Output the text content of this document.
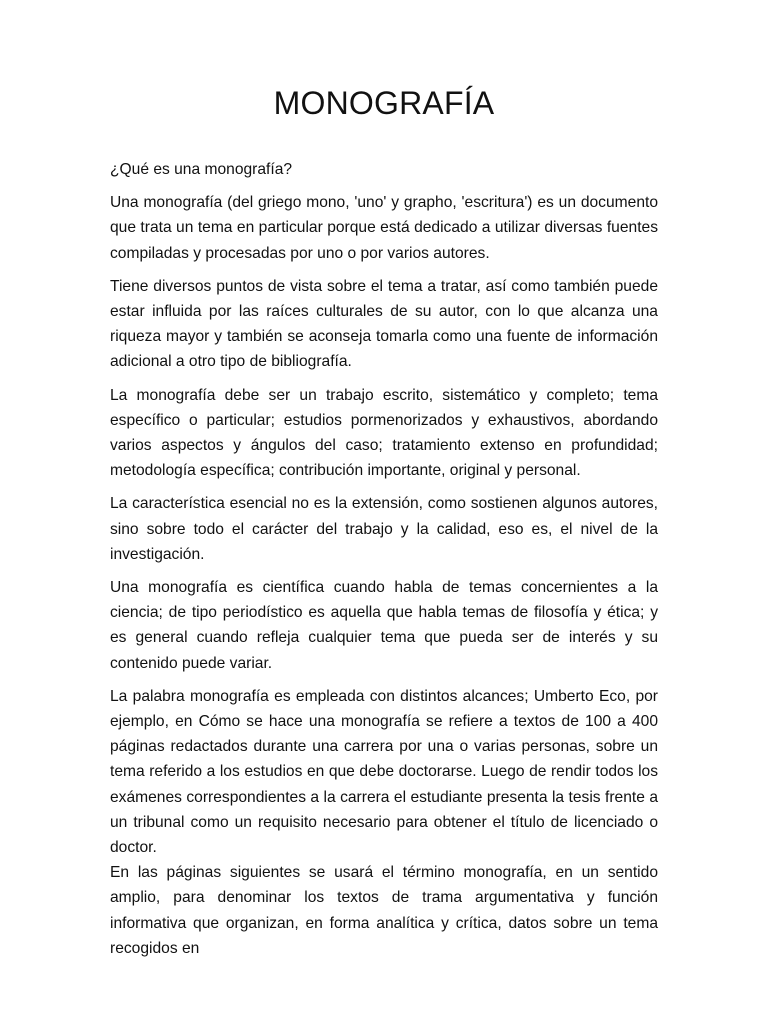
MONOGRAFÍA

¿Qué es una monografía?

Una monografía (del griego mono, 'uno' y grapho, 'escritura') es un documento que trata un tema en particular porque está dedicado a utilizar diversas fuentes compiladas y procesadas por uno o por varios autores.

Tiene diversos puntos de vista sobre el tema a tratar, así como también puede estar influida por las raíces culturales de su autor, con lo que alcanza una riqueza mayor y también se aconseja tomarla como una fuente de información adicional a otro tipo de bibliografía.

La monografía debe ser un trabajo escrito, sistemático y completo; tema específico o particular; estudios pormenorizados y exhaustivos, abordando varios aspectos y ángulos del caso; tratamiento extenso en profundidad; metodología específica; contribución importante, original y personal.

La característica esencial no es la extensión, como sostienen algunos autores, sino sobre todo el carácter del trabajo y la calidad, eso es, el nivel de la investigación.

Una monografía es científica cuando habla de temas concernientes a la ciencia; de tipo periodístico es aquella que habla temas de filosofía y ética; y es general cuando refleja cualquier tema que pueda ser de interés y su contenido puede variar.

La palabra monografía es empleada con distintos alcances; Umberto Eco, por ejemplo, en Cómo se hace una monografía se refiere a textos de 100 a 400 páginas redactados durante una carrera por una o varias personas, sobre un tema referido a los estudios en que debe doctorarse. Luego de rendir todos los exámenes correspondientes a la carrera el estudiante presenta la tesis frente a un tribunal como un requisito necesario para obtener el título de licenciado o doctor.

En las páginas siguientes se usará el término monografía, en un sentido amplio, para denominar los textos de trama argumentativa y función informativa que organizan, en forma analítica y crítica, datos sobre un tema recogidos en
